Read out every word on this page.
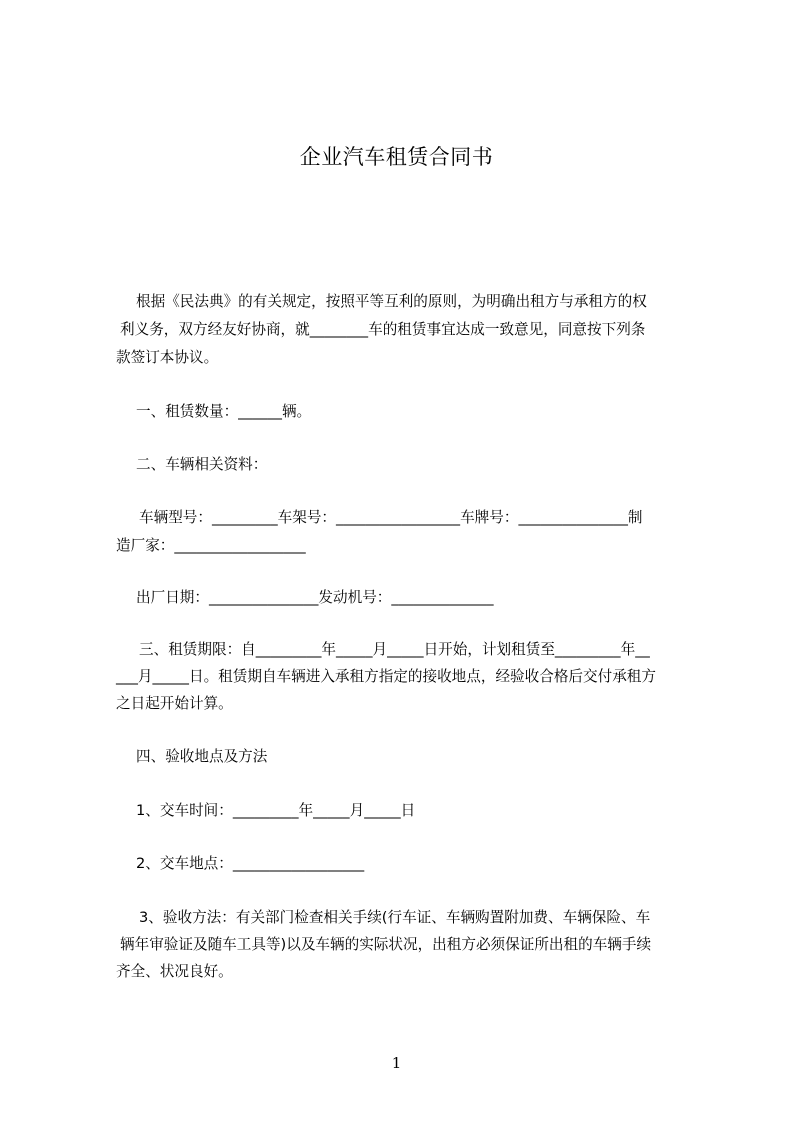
企业汽车租赁合同书
根据《民法典》的有关规定，按照平等互利的原则，为明确出租方与承租方的权
利义务，双方经友好协商，就________车的租赁事宜达成一致意见，同意按下列条
款签订本协议。
一、租赁数量：______辆。
二、车辆相关资料：
车辆型号：_________车架号：_________________车牌号：_______________制
造厂家：__________________
出厂日期：_______________发动机号：______________
三、租赁期限：自_________年_____月_____日开始，计划租赁至_________年__
___月_____日。租赁期自车辆进入承租方指定的接收地点，经验收合格后交付承租方
之日起开始计算。
四、验收地点及方法
1、交车时间：_________年_____月_____日
2、交车地点：__________________
3、验收方法：有关部门检查相关手续(行车证、车辆购置附加费、车辆保险、车
辆年审验证及随车工具等)以及车辆的实际状况，出租方必须保证所出租的车辆手续
齐全、状况良好。
1
